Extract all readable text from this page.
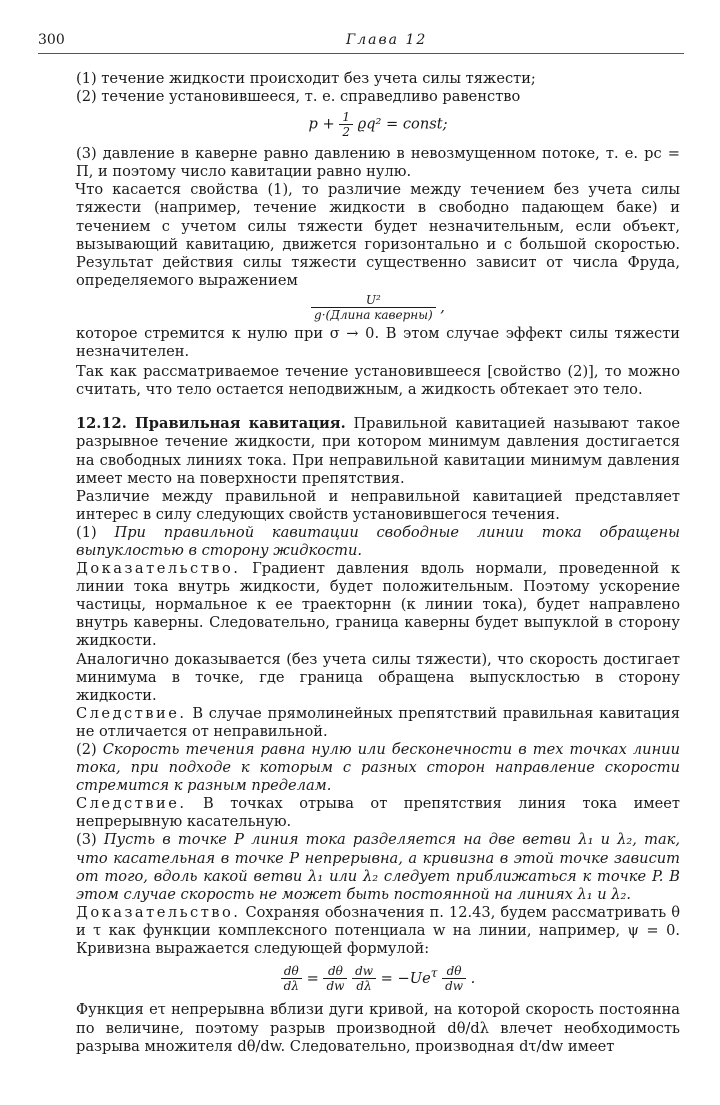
300	Глава 12

(1) течение жидкости происходит без учета силы тяжести;

(2) течение установившееся, т. е. справедливо равенство

$p + \frac{1}{2} ϱq^2$ = const;

(3) давление в каверне равно давлению в невозмущенном потоке, т. е. pc = П, и поэтому число кавитации равно нулю.

Что касается свойства (1), то различие между течением без учета силы тяжести (например, течение жидкости в свободно падающем баке) и течением с учетом силы тяжести будет незначительным, если объект, вызывающий кавитацию, движется горизонтально и с большой скоростью. Результат действия силы тяжести существенно зависит от числа Фруда, определяемого выражением

$\frac{\text{U²}}{\text{g·(Длина каверны)}}$ ,

которое стремится к нулю при σ → 0. В этом случае эффект силы тяжести незначителен.

Так как рассматриваемое течение установившееся [свойство (2)], то можно считать, что тело остается неподвижным, а жидкость обтекает это тело.

12.12. Правильная кавитация. Правильной кавитацией называют такое разрывное течение жидкости, при котором минимум давления достигается на свободных линиях тока. При неправильной кавитации минимум давления имеет место на поверхности препятствия.

Различие между правильной и неправильной кавитацией представляет интерес в силу следующих свойств установившегося течения.

(1) При правильной кавитации свободные линии тока обращены выпуклостью в сторону жидкости.

Доказательство. Градиент давления вдоль нормали, проведенной к линии тока внутрь жидкости, будет положительным. Поэтому ускорение частицы, нормальное к ее траекторнн (к линии тока), будет направлено внутрь каверны. Следовательно, граница каверны будет выпуклой в сторону жидкости.

Аналогично доказывается (без учета силы тяжести), что скорость достигает минимума в точке, где граница обращена выпусклостью в сторону жидкости.

Следствие. В случае прямолинейных препятствий правильная кавитация не отличается от неправильной.

(2) Скорость течения равна нулю или бесконечности в тех точках линии тока, при подходе к которым с разных сторон направление скорости стремится к разным пределам.

Следствие. В точках отрыва от препятствия линия тока имеет непрерывную касательную.

(3) Пусть в точке P линия тока разделяется на две ветви λ₁ и λ₂, так, что касательная в точке P непрерывна, а кривизна в этой точке зависит от того, вдоль какой ветви λ₁ или λ₂ следует приближаться к точке P. В этом случае скорость не может быть постоянной на линиях λ₁ и λ₂.

Доказательство. Сохраняя обозначения п. 12.43, будем рассматривать θ и τ как функции комплексного потенциала w на линии, например, ψ = 0. Кривизна выражается следующей формулой:

$\frac{d\theta}{d\lambda} = \frac{d\theta}{dw}$
$\frac{dw}{d\lambda} = -Ue^\tau \frac{d\theta}{dw}$ .

Функция eτ непрерывна вблизи дуги кривой, на которой скорость постоянна по величине, поэтому разрыв производной dθ/dλ влечет необходимость разрыва множителя dθ/dw. Следовательно, производная dτ/dw имеет
